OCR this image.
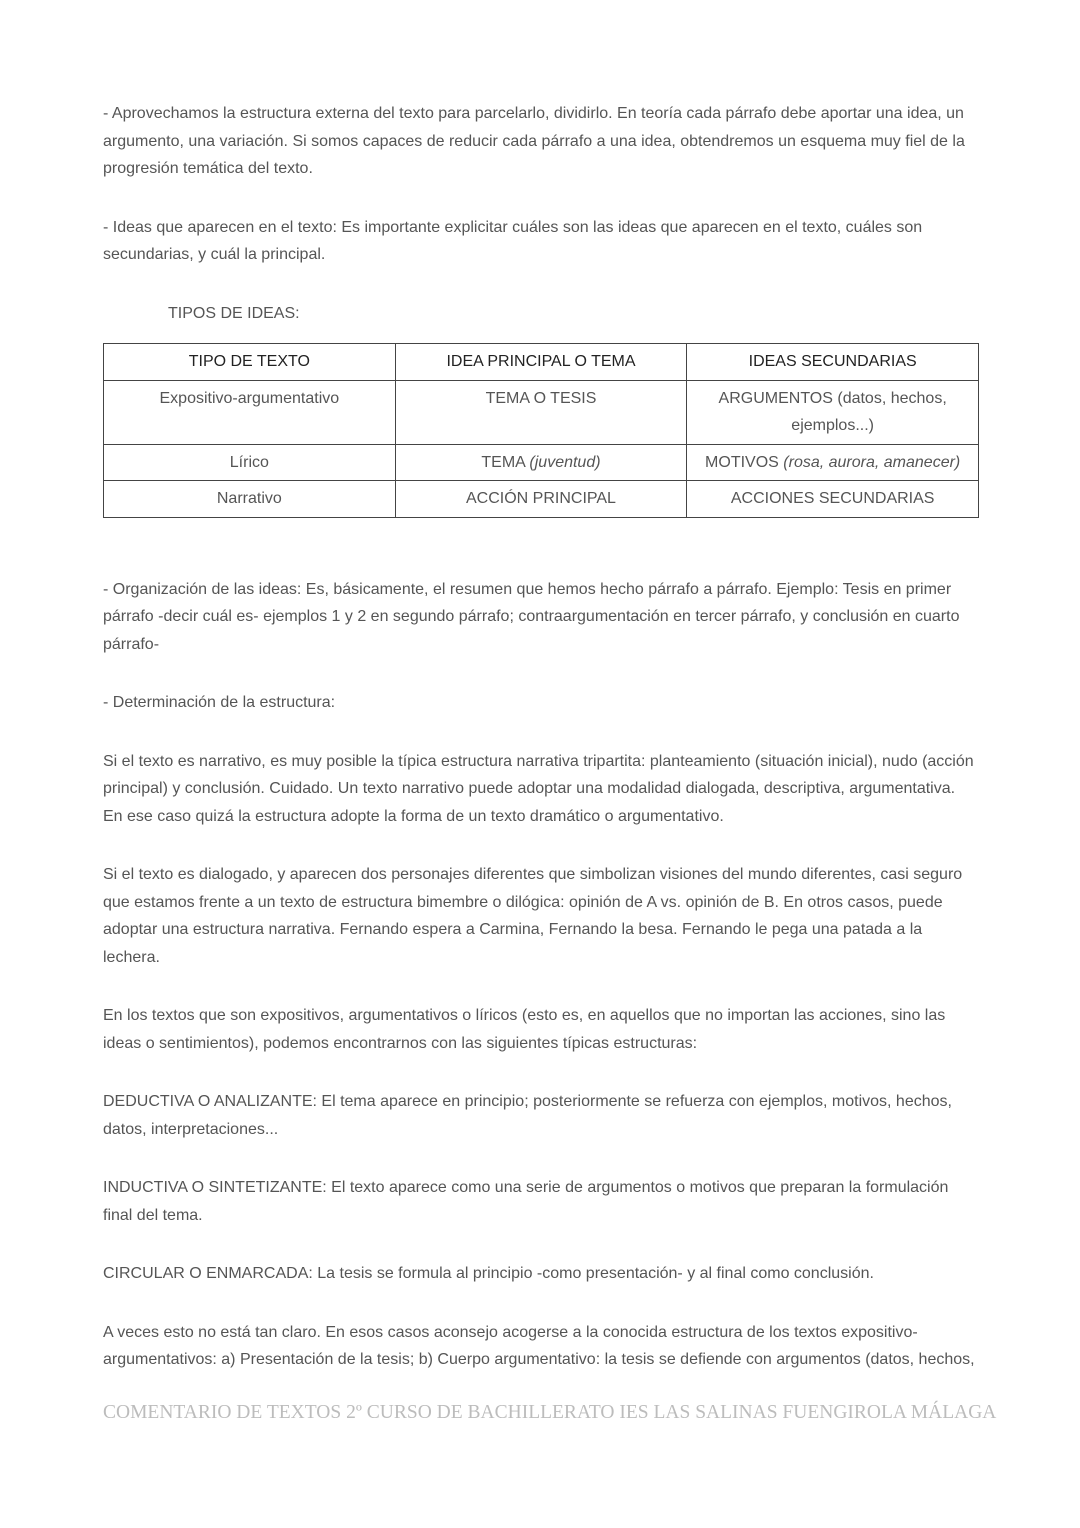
- Aprovechamos la estructura externa del texto para parcelarlo, dividirlo. En teoría cada párrafo debe aportar una idea, un argumento, una variación. Si somos capaces de reducir cada párrafo a una idea, obtendremos un esquema muy fiel de la progresión temática del texto.

- Ideas que aparecen en el texto: Es importante explicitar cuáles son las ideas que aparecen en el texto, cuáles son secundarias, y cuál la principal.

TIPOS DE IDEAS:

TIPO DE TEXTO	IDEA PRINCIPAL O TEMA	IDEAS SECUNDARIAS
Expositivo-argumentativo	TEMA O TESIS	ARGUMENTOS (datos, hechos, ejemplos...)
Lírico	TEMA (juventud)	MOTIVOS (rosa, aurora, amanecer)
Narrativo	ACCIÓN PRINCIPAL	ACCIONES SECUNDARIAS

- Organización de las ideas: Es, básicamente, el resumen que hemos hecho párrafo a párrafo. Ejemplo: Tesis en primer párrafo -decir cuál es- ejemplos 1 y 2 en segundo párrafo; contraargumentación en tercer párrafo, y conclusión en cuarto párrafo-

- Determinación de la estructura:

Si el texto es narrativo, es muy posible la típica estructura narrativa tripartita: planteamiento (situación inicial), nudo (acción principal) y conclusión. Cuidado. Un texto narrativo puede adoptar una modalidad dialogada, descriptiva, argumentativa. En ese caso quizá la estructura adopte la forma de un texto dramático o argumentativo.

Si el texto es dialogado, y aparecen dos personajes diferentes que simbolizan visiones del mundo diferentes, casi seguro que estamos frente a un texto de estructura bimembre o dilógica: opinión de A vs. opinión de B. En otros casos, puede adoptar una estructura narrativa. Fernando espera a Carmina, Fernando la besa. Fernando le pega una patada a la lechera.

En los textos que son expositivos, argumentativos o líricos (esto es, en aquellos que no importan las acciones, sino las ideas o sentimientos), podemos encontrarnos con las siguientes típicas estructuras:

DEDUCTIVA O ANALIZANTE: El tema aparece en principio; posteriormente se refuerza con ejemplos, motivos, hechos, datos, interpretaciones...

INDUCTIVA O SINTETIZANTE: El texto aparece como una serie de argumentos o motivos que preparan la formulación final del tema.

CIRCULAR O ENMARCADA: La tesis se formula al principio -como presentación- y al final como conclusión.

A veces esto no está tan claro. En esos casos aconsejo acogerse a la conocida estructura de los textos expositivo-argumentativos: a) Presentación de la tesis; b) Cuerpo argumentativo: la tesis se defiende con argumentos (datos, hechos,

COMENTARIO DE TEXTOS 2º CURSO DE BACHILLERATO IES LAS SALINAS FUENGIROLA MÁLAGA
